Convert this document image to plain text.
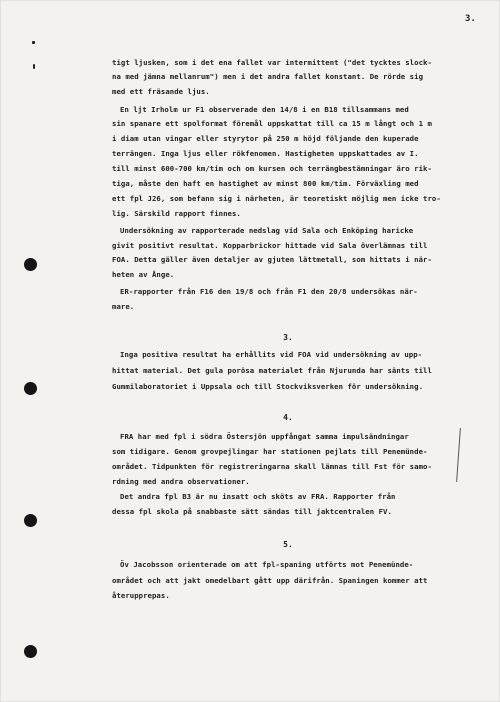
3.
tigt ljusken, som i det ena fallet var intermittent ("det tycktes slock-
na med jämna mellanrum") men i det andra fallet konstant. De rörde sig
med ett fräsande ljus.
En ljt Irholm ur F1 observerade den 14/8 i en B18 tillsammans med
sin spanare ett spolformat föremål uppskattat till ca 15 m långt och 1 m
i diam utan vingar eller styrytor på 250 m höjd följande den kuperade
terrängen. Inga ljus eller rökfenomen. Hastigheten uppskattades av I.
till minst 600-700 km/tim och om kursen och terrängbestämningar äro rik-
tiga, måste den haft en hastighet av minst 800 km/tim. Förväxling med
ett fpl J26, som befann sig i närheten, är teoretiskt möjlig men icke tro-
lig. Särskild rapport finnes.
Undersökning av rapporterade nedslag vid Sala och Enköping haricke
givit positivt resultat. Kopparbrickor hittade vid Sala överlämnas till
FOA. Detta gäller även detaljer av gjuten lättmetall, som hittats i när-
heten av Ånge.
ER-rapporter från F16 den 19/8 och från F1 den 20/8 undersökas när-
mare.
3.
Inga positiva resultat ha erhållits vid FOA vid undersökning av upp-
hittat material. Det gula porösa materialet från Njurunda har sänts till
Gummilaboratoriet i Uppsala och till Stockviksverken för undersökning.
4.
FRA har med fpl i södra Östersjön uppfångat samma impulsändningar
som tidigare. Genom grovpejlingar har stationen pejlats till Penemünde-
området. Tidpunkten för registreringarna skall lämnas till Fst för samo-
rdning med andra observationer.
Det andra fpl B3 är nu insatt och sköts av FRA. Rapporter från
dessa fpl skola på snabbaste sätt sändas till jaktcentralen FV.
5.
Öv Jacobsson orienterade om att fpl-spaning utförts mot Penemünde-
området och att jakt omedelbart gått upp därifrån. Spaningen kommer att
återupprepas.
